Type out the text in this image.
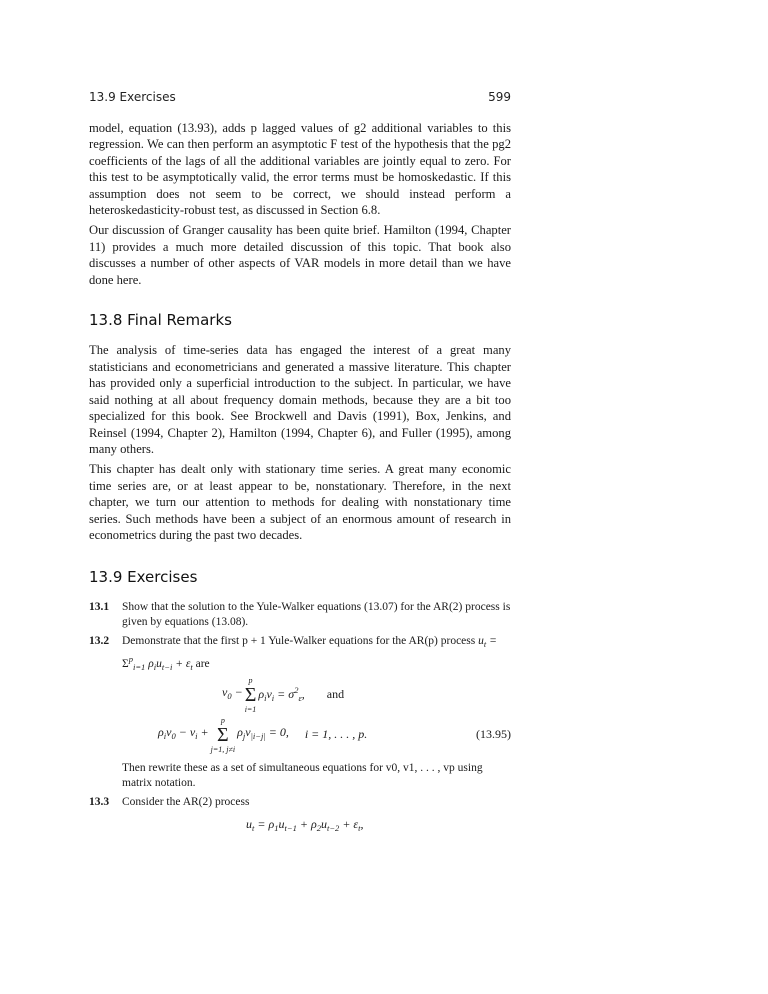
13.9 Exercises	599

model, equation (13.93), adds p lagged values of g2 additional variables to this regression. We can then perform an asymptotic F test of the hypothesis that the pg2 coefficients of the lags of all the additional variables are jointly equal to zero. For this test to be asymptotically valid, the error terms must be homoskedastic. If this assumption does not seem to be correct, we should instead perform a heteroskedasticity-robust test, as discussed in Section 6.8.

Our discussion of Granger causality has been quite brief. Hamilton (1994, Chapter 11) provides a much more detailed discussion of this topic. That book also discusses a number of other aspects of VAR models in more detail than we have done here.

13.8 Final Remarks

The analysis of time-series data has engaged the interest of a great many statisticians and econometricians and generated a massive literature. This chapter has provided only a superficial introduction to the subject. In particular, we have said nothing at all about frequency domain methods, because they are a bit too specialized for this book. See Brockwell and Davis (1991), Box, Jenkins, and Reinsel (1994, Chapter 2), Hamilton (1994, Chapter 6), and Fuller (1995), among many others.

This chapter has dealt only with stationary time series. A great many economic time series are, or at least appear to be, nonstationary. Therefore, in the next chapter, we turn our attention to methods for dealing with nonstationary time series. Such methods have been a subject of an enormous amount of research in econometrics during the past two decades.

13.9 Exercises
13.1 Show that the solution to the Yule-Walker equations (13.07) for the AR(2) process is given by equations (13.08).
13.2 Demonstrate that the first p + 1 Yule-Walker equations for the AR(p) process $u_t = \Sigma^p_{i=1}$ $\rho_iu_{t-i} + \varepsilon_t$ are
$v_0$ −
p
Σ
i=1
$\rho_iv_i = \sigma^2_\varepsilon$, and
$\rho_iv_0 - v_i$ +
p
Σ
j=1, j≠i
$\rho_jv_{|i-j|} = 0$, i = 1, . . . , p.	(13.95)
Then rewrite these as a set of simultaneous equations for v0, v1, . . . , vp using matrix notation.
13.3 Consider the AR(2) process
$u_t = \rho_1u_{t-1} + \rho_2u_{t-2} + \varepsilon_t$,
